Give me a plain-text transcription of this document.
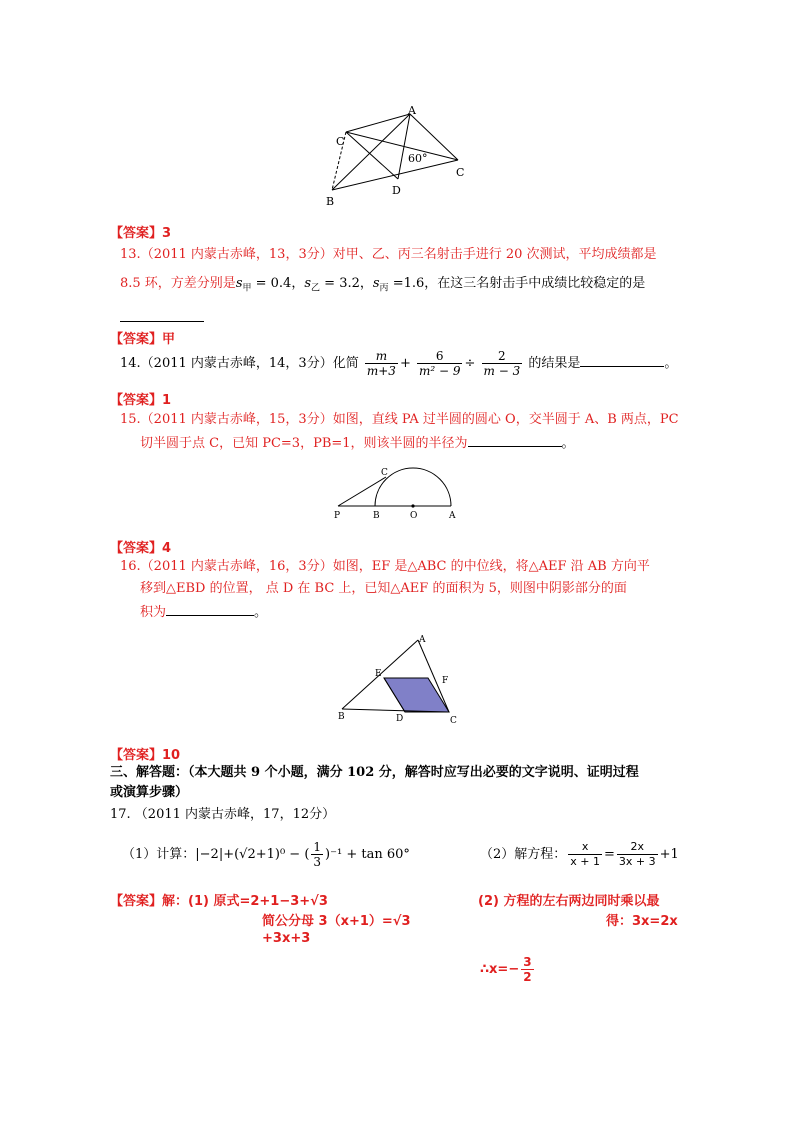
A
C
B
D
C
60°
【答案】3
13.（2011 内蒙古赤峰，13，3分）对甲、乙、丙三名射击手进行 20 次测试，平均成绩都是
8.5 环，方差分别是$s_甲 = 0.4$，$s_乙 = 3.2$，$s_丙 =1.6$，在这三名射击手中成绩比较稳定的是
【答案】甲
14.（2011 内蒙古赤峰，14，3分）化简 $\frac{m}{m+3} + \frac{6}{\text{m² − 9}} \div \frac{2}{m - 3}$ 的结果是	。
【答案】1
15.（2011 内蒙古赤峰，15，3分）如图，直线 PA 过半圆的圆心 O，交半圆于 A、B 两点，PC
切半圆于点 C，已知 PC=3，PB=1，则该半圆的半径为	。
C
P	B	O	A
【答案】4
16.（2011 内蒙古赤峰，16，3分）如图，EF 是△ABC 的中位线，将△AEF 沿 AB 方向平
移到△EBD 的位置， 点 D 在 BC 上，已知△AEF 的面积为 5，则图中阴影部分的面
积为	。
A
E
F
B	D	C
【答案】10
三、解答题：（本大题共 9 个小题，满分 102 分，解答时应写出必要的文字说明、证明过程
或演算步骤）
17. （2011 内蒙古赤峰，17，12分）
（1）计算：|−2|+(√2+1)⁰ − ( $\frac{1}{3} )^{-1} + \tan 60^\circ$	（2）解方程： $\frac{x}{x + 1} = \frac{2x}{3x + 3} +1$
【答案】解：(1) 原式=2+1−3+√3	(2) 方程的左右两边同时乘以最
简公分母 3（x+1）=√3	得：3x=2x
+3x+3
∴x=− $\frac{3}{2}$
